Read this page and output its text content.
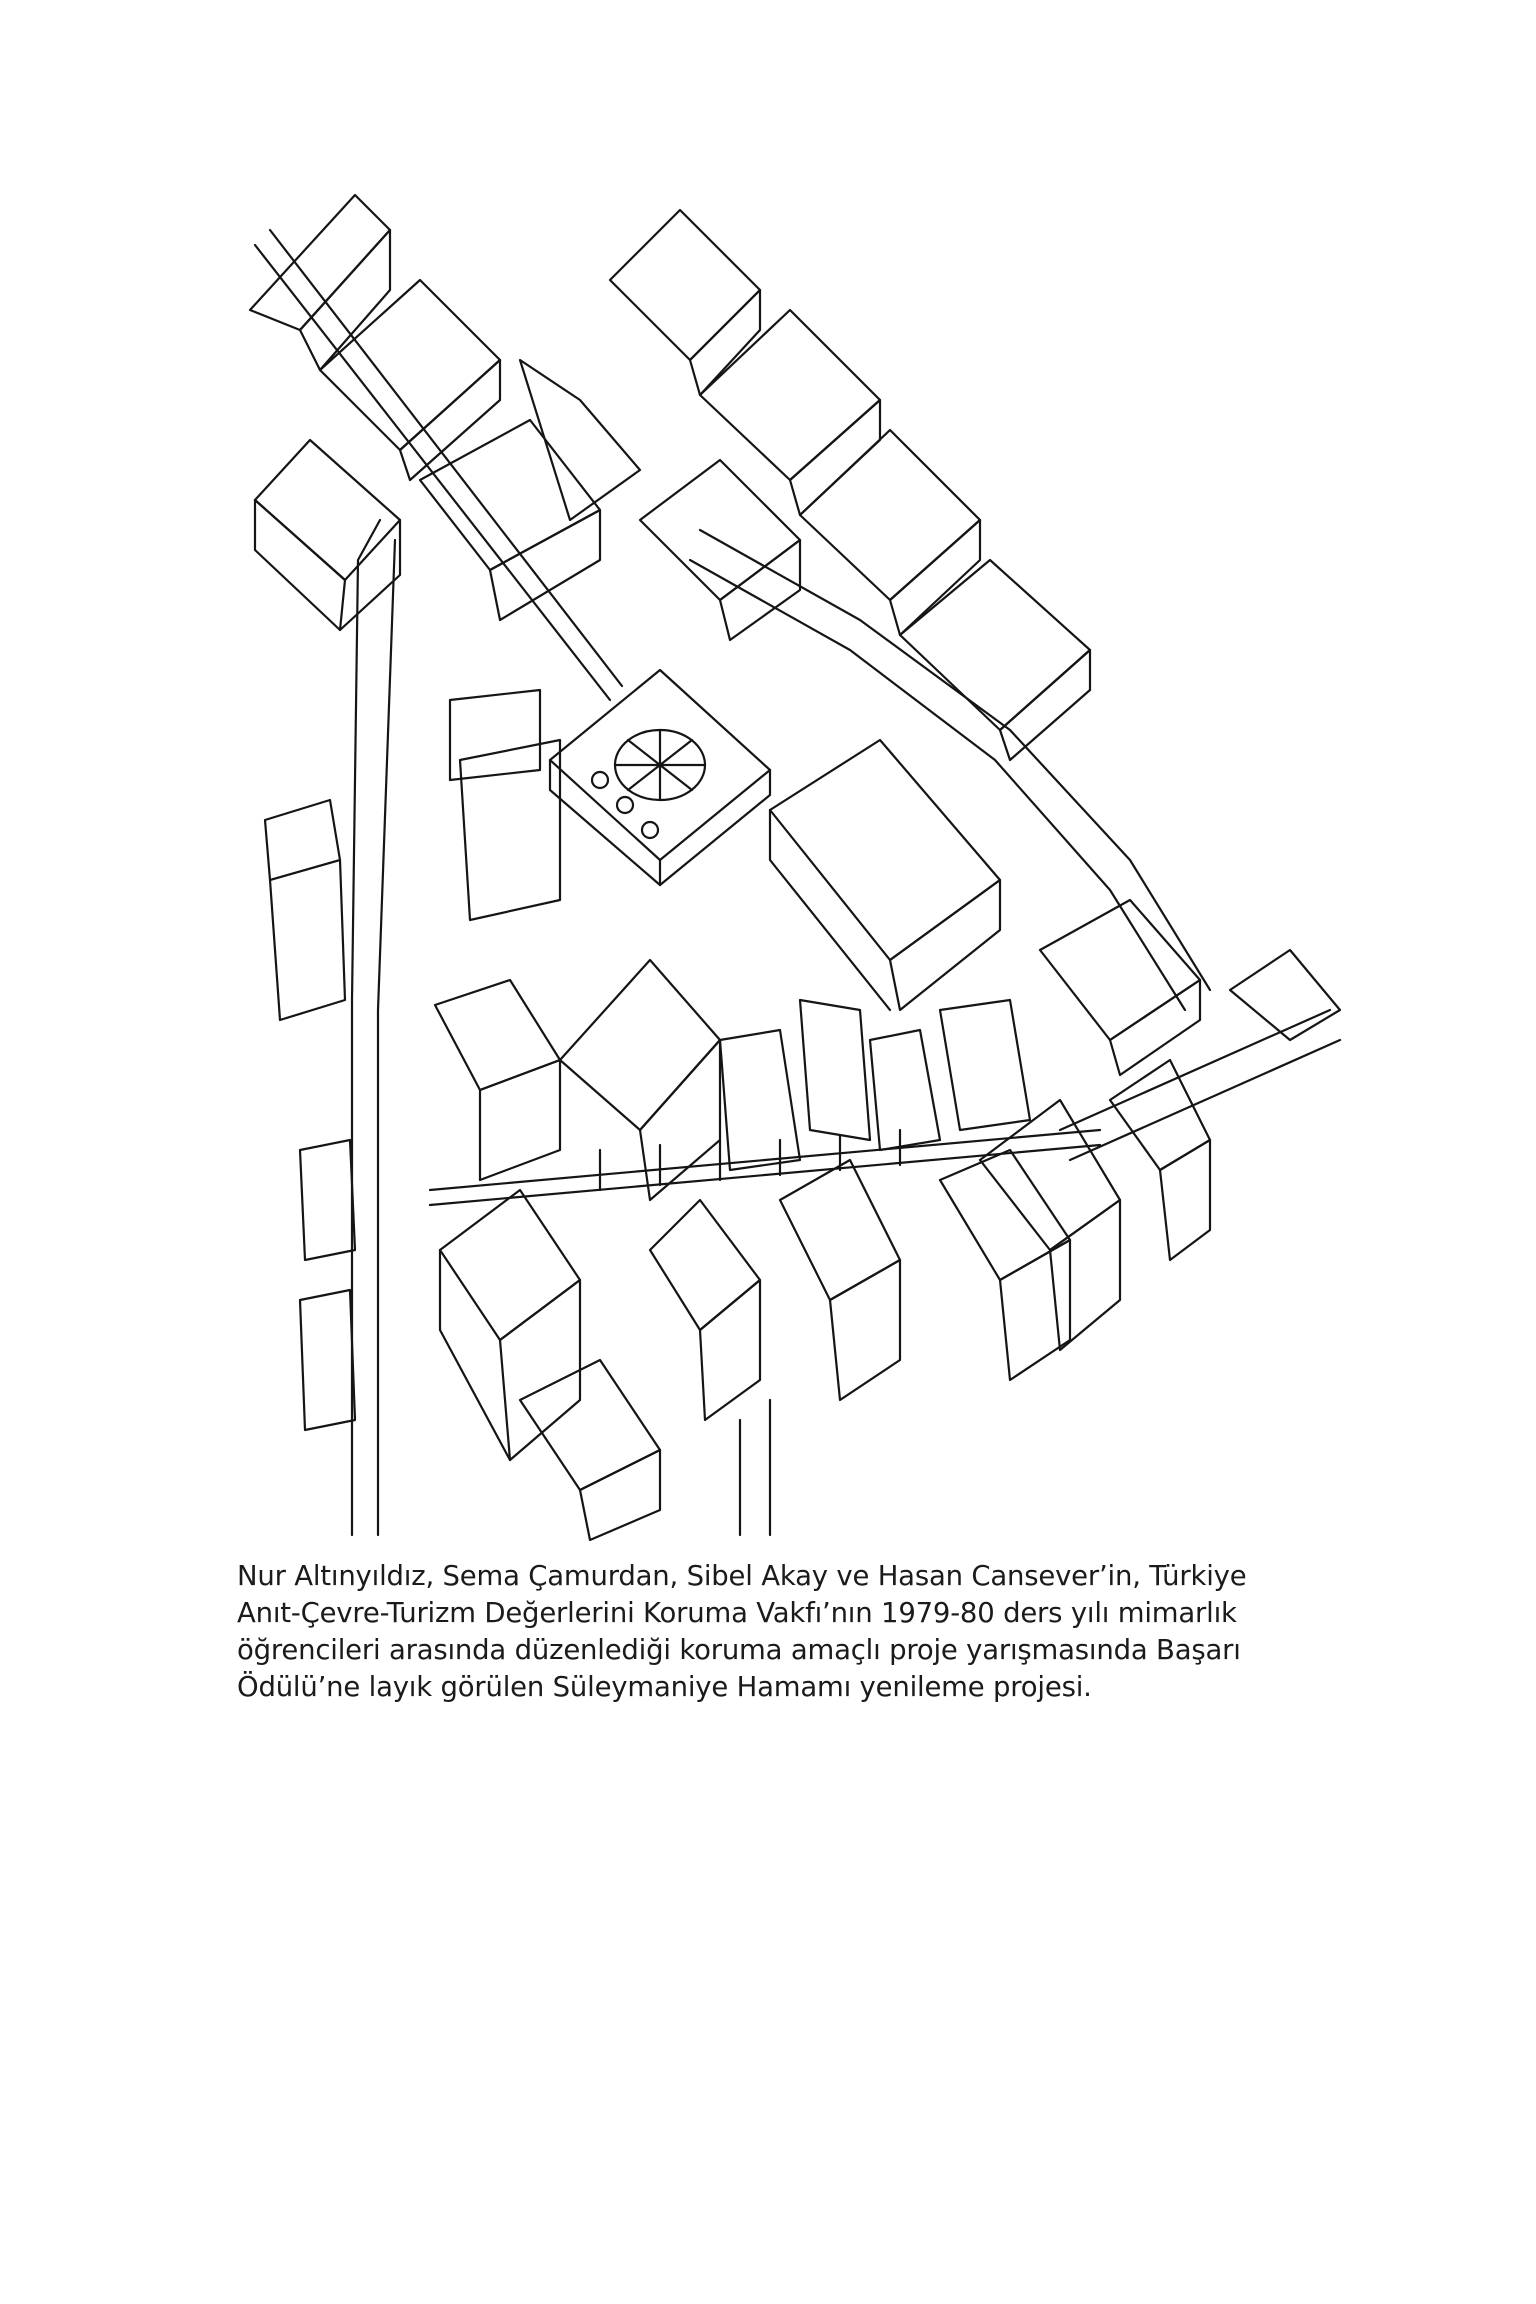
Nur Altınyıldız, Sema Çamurdan, Sibel Akay ve Hasan Cansever’in, Türkiye
Anıt-Çevre-Turizm Değerlerini Koruma Vakfı’nın 1979-80 ders yılı mimarlık
öğrencileri arasında düzenlediği koruma amaçlı proje yarışmasında Başarı
Ödülü’ne layık görülen Süleymaniye Hamamı yenileme projesi.
